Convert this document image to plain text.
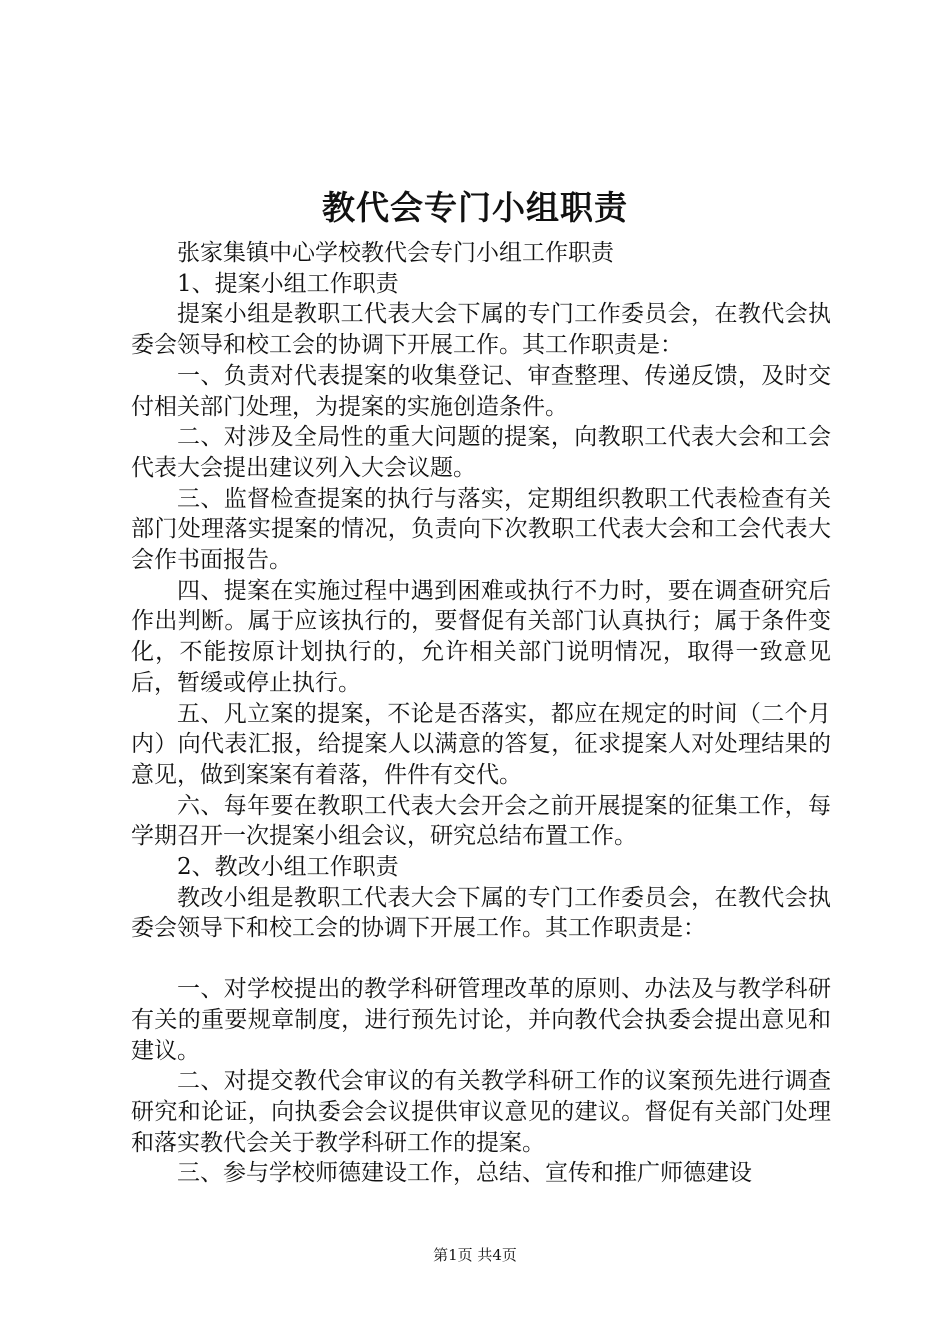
教代会专门小组职责

张家集镇中心学校教代会专门小组工作职责

1、提案小组工作职责

提案小组是教职工代表大会下属的专门工作委员会，在教代会执委会领导和校工会的协调下开展工作。其工作职责是：

一、负责对代表提案的收集登记、审查整理、传递反馈，及时交付相关部门处理，为提案的实施创造条件。

二、对涉及全局性的重大问题的提案，向教职工代表大会和工会代表大会提出建议列入大会议题。

三、监督检查提案的执行与落实，定期组织教职工代表检查有关部门处理落实提案的情况，负责向下次教职工代表大会和工会代表大会作书面报告。

四、提案在实施过程中遇到困难或执行不力时，要在调查研究后作出判断。属于应该执行的，要督促有关部门认真执行；属于条件变化，不能按原计划执行的，允许相关部门说明情况，取得一致意见后，暂缓或停止执行。

五、凡立案的提案，不论是否落实，都应在规定的时间（二个月内）向代表汇报，给提案人以满意的答复，征求提案人对处理结果的意见，做到案案有着落，件件有交代。

六、每年要在教职工代表大会开会之前开展提案的征集工作，每学期召开一次提案小组会议，研究总结布置工作。

2、教改小组工作职责

教改小组是教职工代表大会下属的专门工作委员会，在教代会执委会领导下和校工会的协调下开展工作。其工作职责是：

一、对学校提出的教学科研管理改革的原则、办法及与教学科研有关的重要规章制度，进行预先讨论，并向教代会执委会提出意见和建议。

二、对提交教代会审议的有关教学科研工作的议案预先进行调查研究和论证，向执委会会议提供审议意见的建议。督促有关部门处理和落实教代会关于教学科研工作的提案。

三、参与学校师德建设工作，总结、宣传和推广师德建设

第1页 共4页
